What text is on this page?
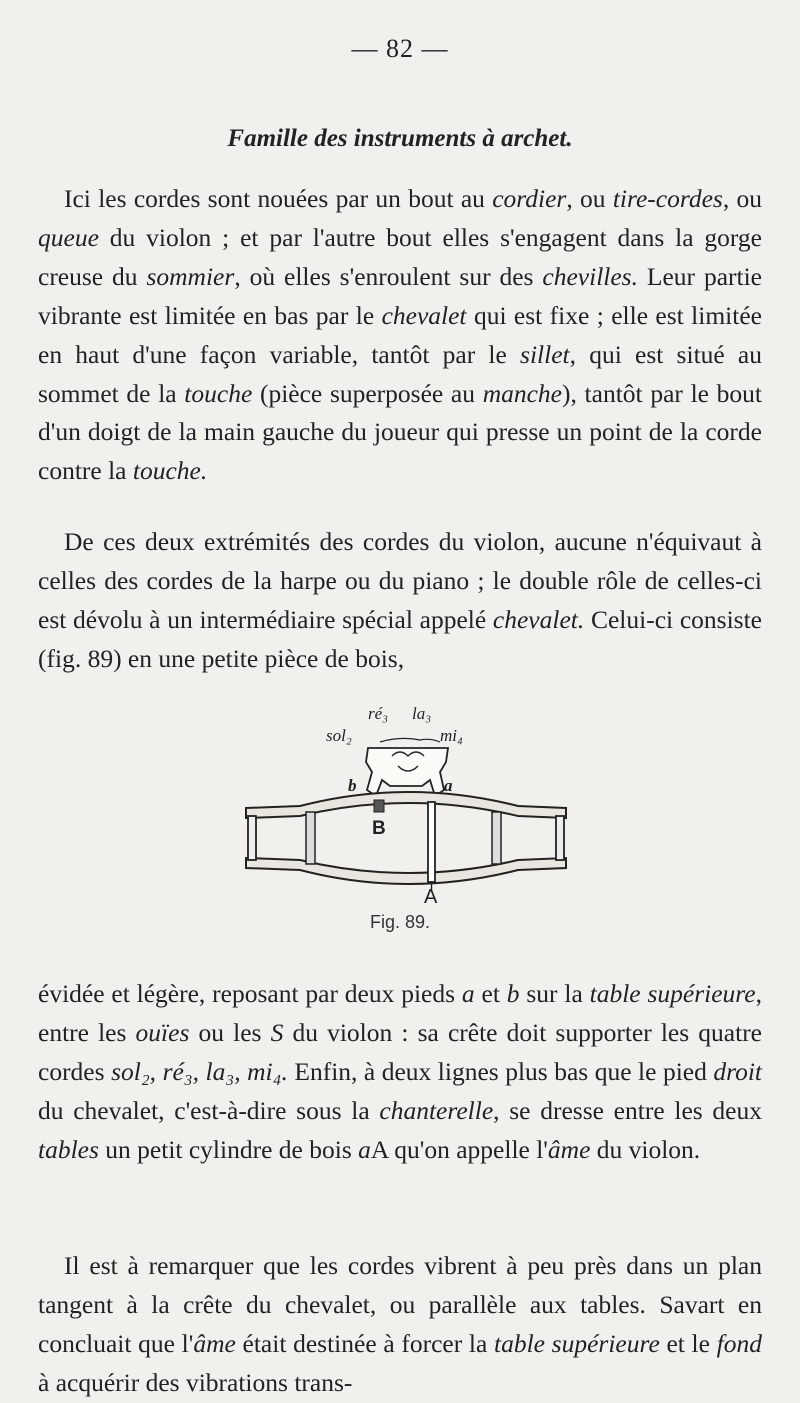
— 82 —
Famille des instruments à archet.
Ici les cordes sont nouées par un bout au cordier, ou tire-cordes, ou queue du violon ; et par l'autre bout elles s'engagent dans la gorge creuse du sommier, où elles s'enroulent sur des chevilles. Leur partie vibrante est limitée en bas par le chevalet qui est fixe ; elle est limitée en haut d'une façon variable, tantôt par le sillet, qui est situé au sommet de la touche (pièce superposée au manche), tantôt par le bout d'un doigt de la main gauche du joueur qui presse un point de la corde contre la touche.
De ces deux extrémités des cordes du violon, aucune n'équivaut à celles des cordes de la harpe ou du piano ; le double rôle de celles-ci est dévolu à un intermédiaire spécial appelé chevalet. Celui-ci consiste (fig. 89) en une petite pièce de bois,
ré₃ la₃
sol₂	mi₄
b	a
B
A
Fig. 89.
évidée et légère, reposant par deux pieds a et b sur la table supérieure, entre les ouïes ou les S du violon : sa crête doit supporter les quatre cordes sol₂, ré₃, la₃, mi₄. Enfin, à deux lignes plus bas que le pied droit du chevalet, c'est-à-dire sous la chanterelle, se dresse entre les deux tables un petit cylindre de bois aA qu'on appelle l'âme du violon.
Il est à remarquer que les cordes vibrent à peu près dans un plan tangent à la crête du chevalet, ou parallèle aux tables. Savart en concluait que l'âme était destinée à forcer la table supérieure et le fond à acquérir des vibrations trans-
